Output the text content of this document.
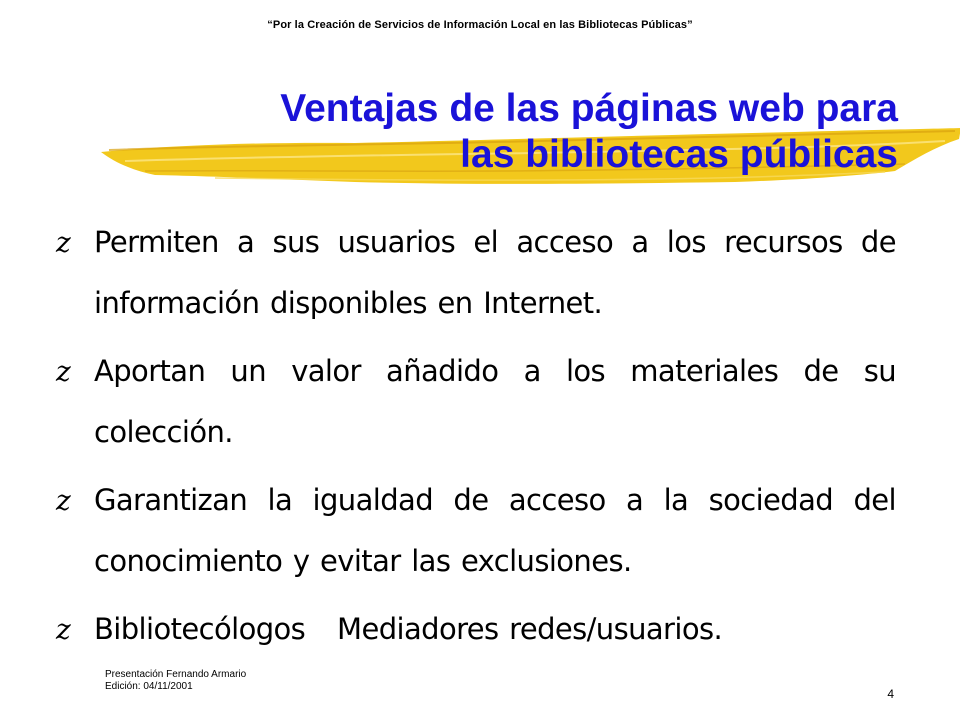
“Por la Creación de Servicios de Información Local en las Bibliotecas Públicas”
Ventajas de las páginas web para
las bibliotecas públicas
z Permiten a sus usuarios el acceso a los recursos de información disponibles en Internet.
z Aportan un valor añadido a los materiales de su colección.
z Garantizan la igualdad de acceso a la sociedad del conocimiento y evitar las exclusiones.
z Bibliotecólogos   Mediadores redes/usuarios.
Presentación Fernando Armario
Edición: 04/11/2001
4
